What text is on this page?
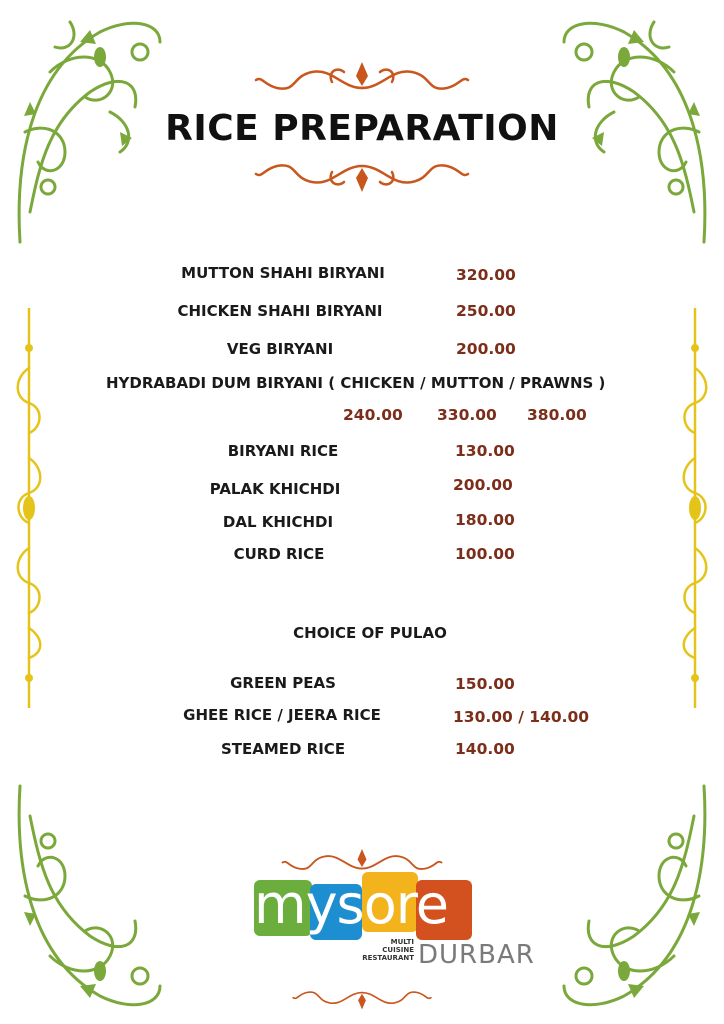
RICE PREPARATION
MUTTON SHAHI BIRYANI	320.00
CHICKEN SHAHI BIRYANI	250.00
VEG BIRYANI	200.00
HYDRABADI DUM BIRYANI ( CHICKEN / MUTTON / PRAWNS )
240.00 330.00 380.00
BIRYANI RICE	130.00
PALAK KHICHDI	200.00
DAL KHICHDI	180.00
CURD RICE	100.00
CHOICE OF PULAO
GREEN PEAS	150.00
GHEE RICE / JEERA RICE	130.00 / 140.00
STEAMED RICE	140.00
mysore
MULTI
CUISINE
RESTAURANT DURBAR
